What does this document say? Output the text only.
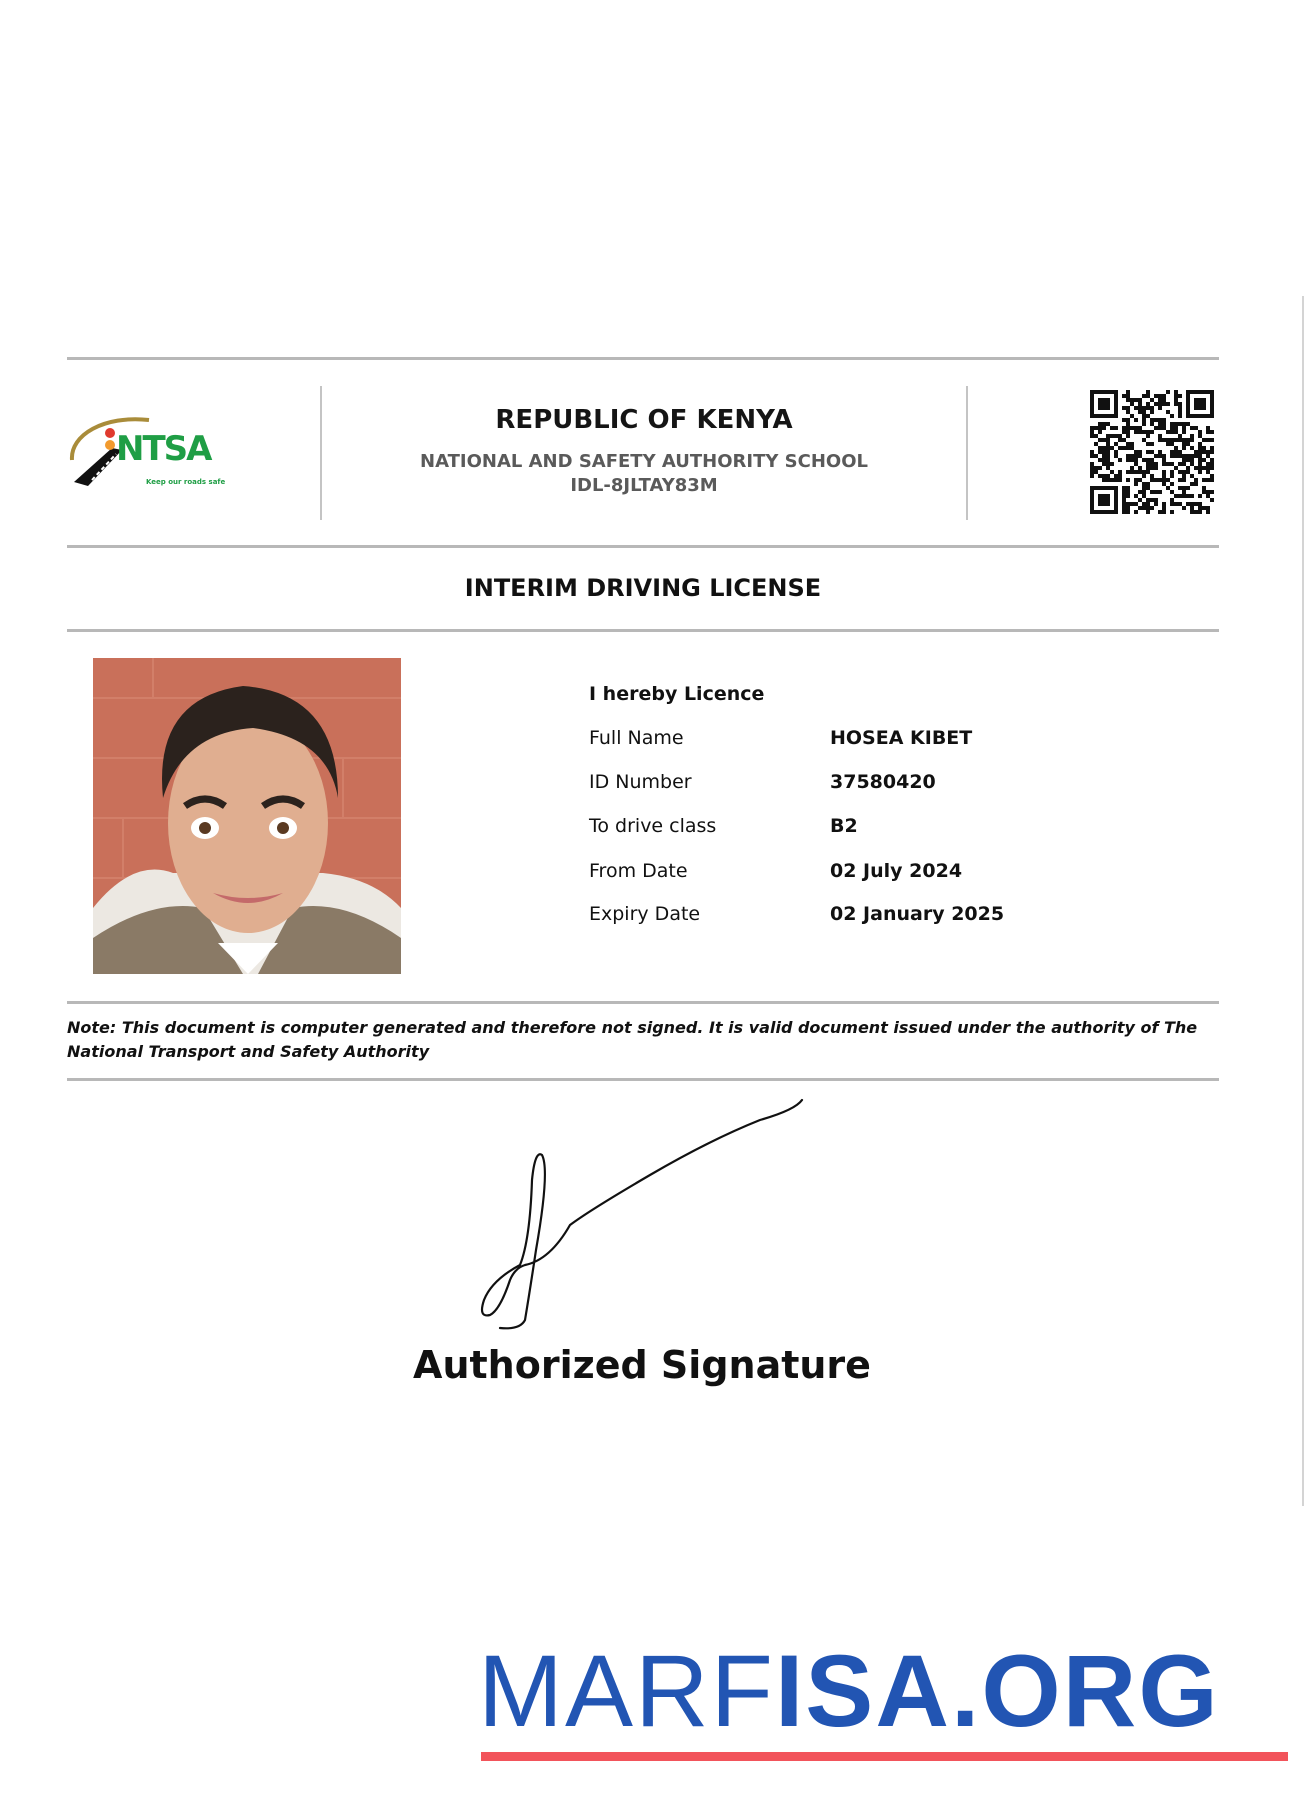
NTSA
Keep our roads safe
REPUBLIC OF KENYA
NATIONAL AND SAFETY AUTHORITY SCHOOL
IDL-8JLTAY83M
INTERIM DRIVING LICENSE
I hereby Licence
Full Name	HOSEA KIBET
ID Number	37580420
To drive class	B2
From Date	02 July 2024
Expiry Date	02 January 2025
Note: This document is computer generated and therefore not signed. It is valid document issued under the authority of The National Transport and Safety Authority
Authorized Signature
MARFISA.ORG
